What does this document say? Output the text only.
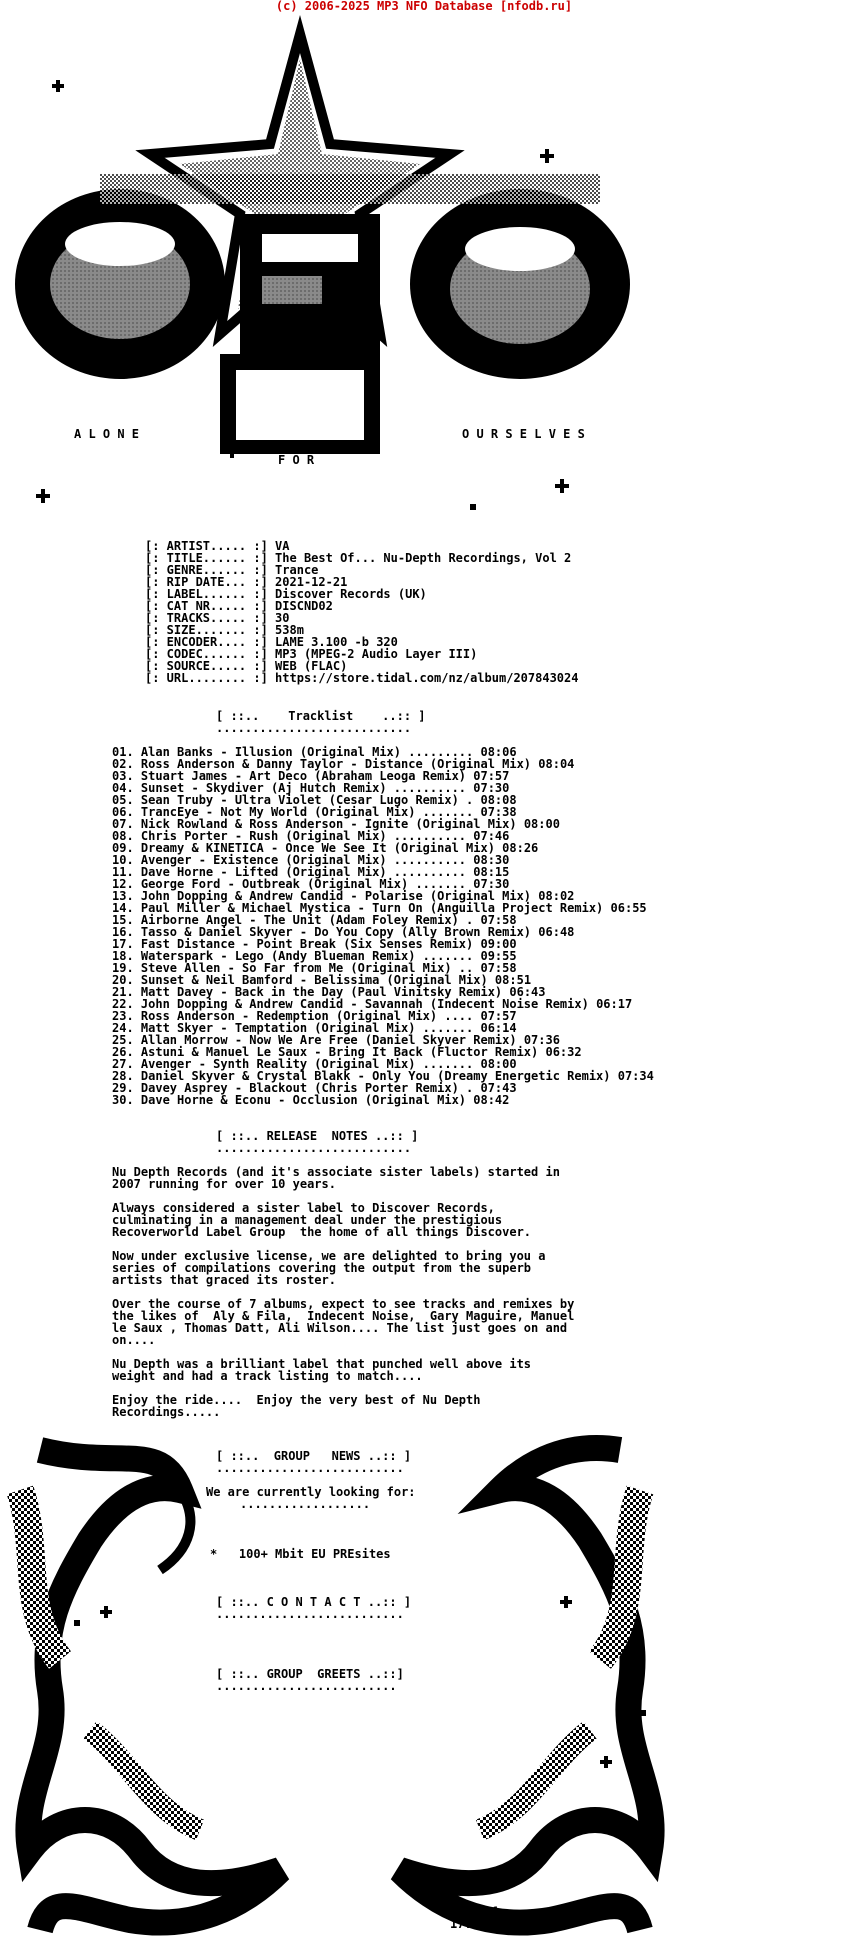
(c) 2006-2025 MP3 NFO Database [nfodb.ru]
A L O N E	O U R S E L V E S
F O R
[: ARTIST..... :] VA
[: TITLE...... :] The Best Of... Nu-Depth Recordings, Vol 2
[: GENRE...... :] Trance
[: RIP DATE... :] 2021-12-21
[: LABEL...... :] Discover Records (UK)
[: CAT NR..... :] DISCND02
[: TRACKS..... :] 30
[: SIZE....... :] 538m
[: ENCODER.... :] LAME 3.100 -b 320
[: CODEC...... :] MP3 (MPEG-2 Audio Layer III)
[: SOURCE..... :] WEB (FLAC)
[: URL........ :] https://store.tidal.com/nz/album/207843024
[ ::..    Tracklist    ..:: ]
...........................
01. Alan Banks - Illusion (Original Mix) ......... 08:06
02. Ross Anderson & Danny Taylor - Distance (Original Mix) 08:04
03. Stuart James - Art Deco (Abraham Leoga Remix) 07:57
04. Sunset - Skydiver (Aj Hutch Remix) .......... 07:30
05. Sean Truby - Ultra Violet (Cesar Lugo Remix) . 08:08
06. TrancEye - Not My World (Original Mix) ....... 07:38
07. Nick Rowland & Ross Anderson - Ignite (Original Mix) 08:00
08. Chris Porter - Rush (Original Mix) .......... 07:46
09. Dreamy & KINETICA - Once We See It (Original Mix) 08:26
10. Avenger - Existence (Original Mix) .......... 08:30
11. Dave Horne - Lifted (Original Mix) .......... 08:15
12. George Ford - Outbreak (Original Mix) ....... 07:30
13. John Dopping & Andrew Candid - Polarise (Original Mix) 08:02
14. Paul Miller & Michael Mystica - Turn On (Anguilla Project Remix) 06:55
15. Airborne Angel - The Unit (Adam Foley Remix) . 07:58
16. Tasso & Daniel Skyver - Do You Copy (Ally Brown Remix) 06:48
17. Fast Distance - Point Break (Six Senses Remix) 09:00
18. Waterspark - Lego (Andy Blueman Remix) ....... 09:55
19. Steve Allen - So Far from Me (Original Mix) .. 07:58
20. Sunset & Neil Bamford - Belissima (Original Mix) 08:51
21. Matt Davey - Back in the Day (Paul Vinitsky Remix) 06:43
22. John Dopping & Andrew Candid - Savannah (Indecent Noise Remix) 06:17
23. Ross Anderson - Redemption (Original Mix) .... 07:57
24. Matt Skyer - Temptation (Original Mix) ....... 06:14
25. Allan Morrow - Now We Are Free (Daniel Skyver Remix) 07:36
26. Astuni & Manuel Le Saux - Bring It Back (Fluctor Remix) 06:32
27. Avenger - Synth Reality (Original Mix) ....... 08:00
28. Daniel Skyver & Crystal Blakk - Only You (Dreamy Energetic Remix) 07:34
29. Davey Asprey - Blackout (Chris Porter Remix) . 07:43
30. Dave Horne & Econu - Occlusion (Original Mix) 08:42
[ ::.. RELEASE  NOTES ..:: ]
...........................
Nu Depth Records (and it's associate sister labels) started in
2007 running for over 10 years.
Always considered a sister label to Discover Records,
culminating in a management deal under the prestigious
Recoverworld Label Group  the home of all things Discover.
Now under exclusive license, we are delighted to bring you a
series of compilations covering the output from the superb
artists that graced its roster.
Over the course of 7 albums, expect to see tracks and remixes by
the likes of  Aly & Fila,  Indecent Noise,  Gary Maguire, Manuel
le Saux , Thomas Datt, Ali Wilson.... The list just goes on and
on....
Nu Depth was a brilliant label that punched well above its
weight and had a track listing to match....
Enjoy the ride....  Enjoy the very best of Nu Depth
Recordings.....
[ ::..  GROUP   NEWS ..:: ]
..........................
We are currently looking for:
..................
*   100+ Mbit EU PREsites
[ ::.. C O N T A C T ..:: ]
..........................
[ ::.. GROUP  GREETS ..::]
.........................
ascii.afo
17.02.04
